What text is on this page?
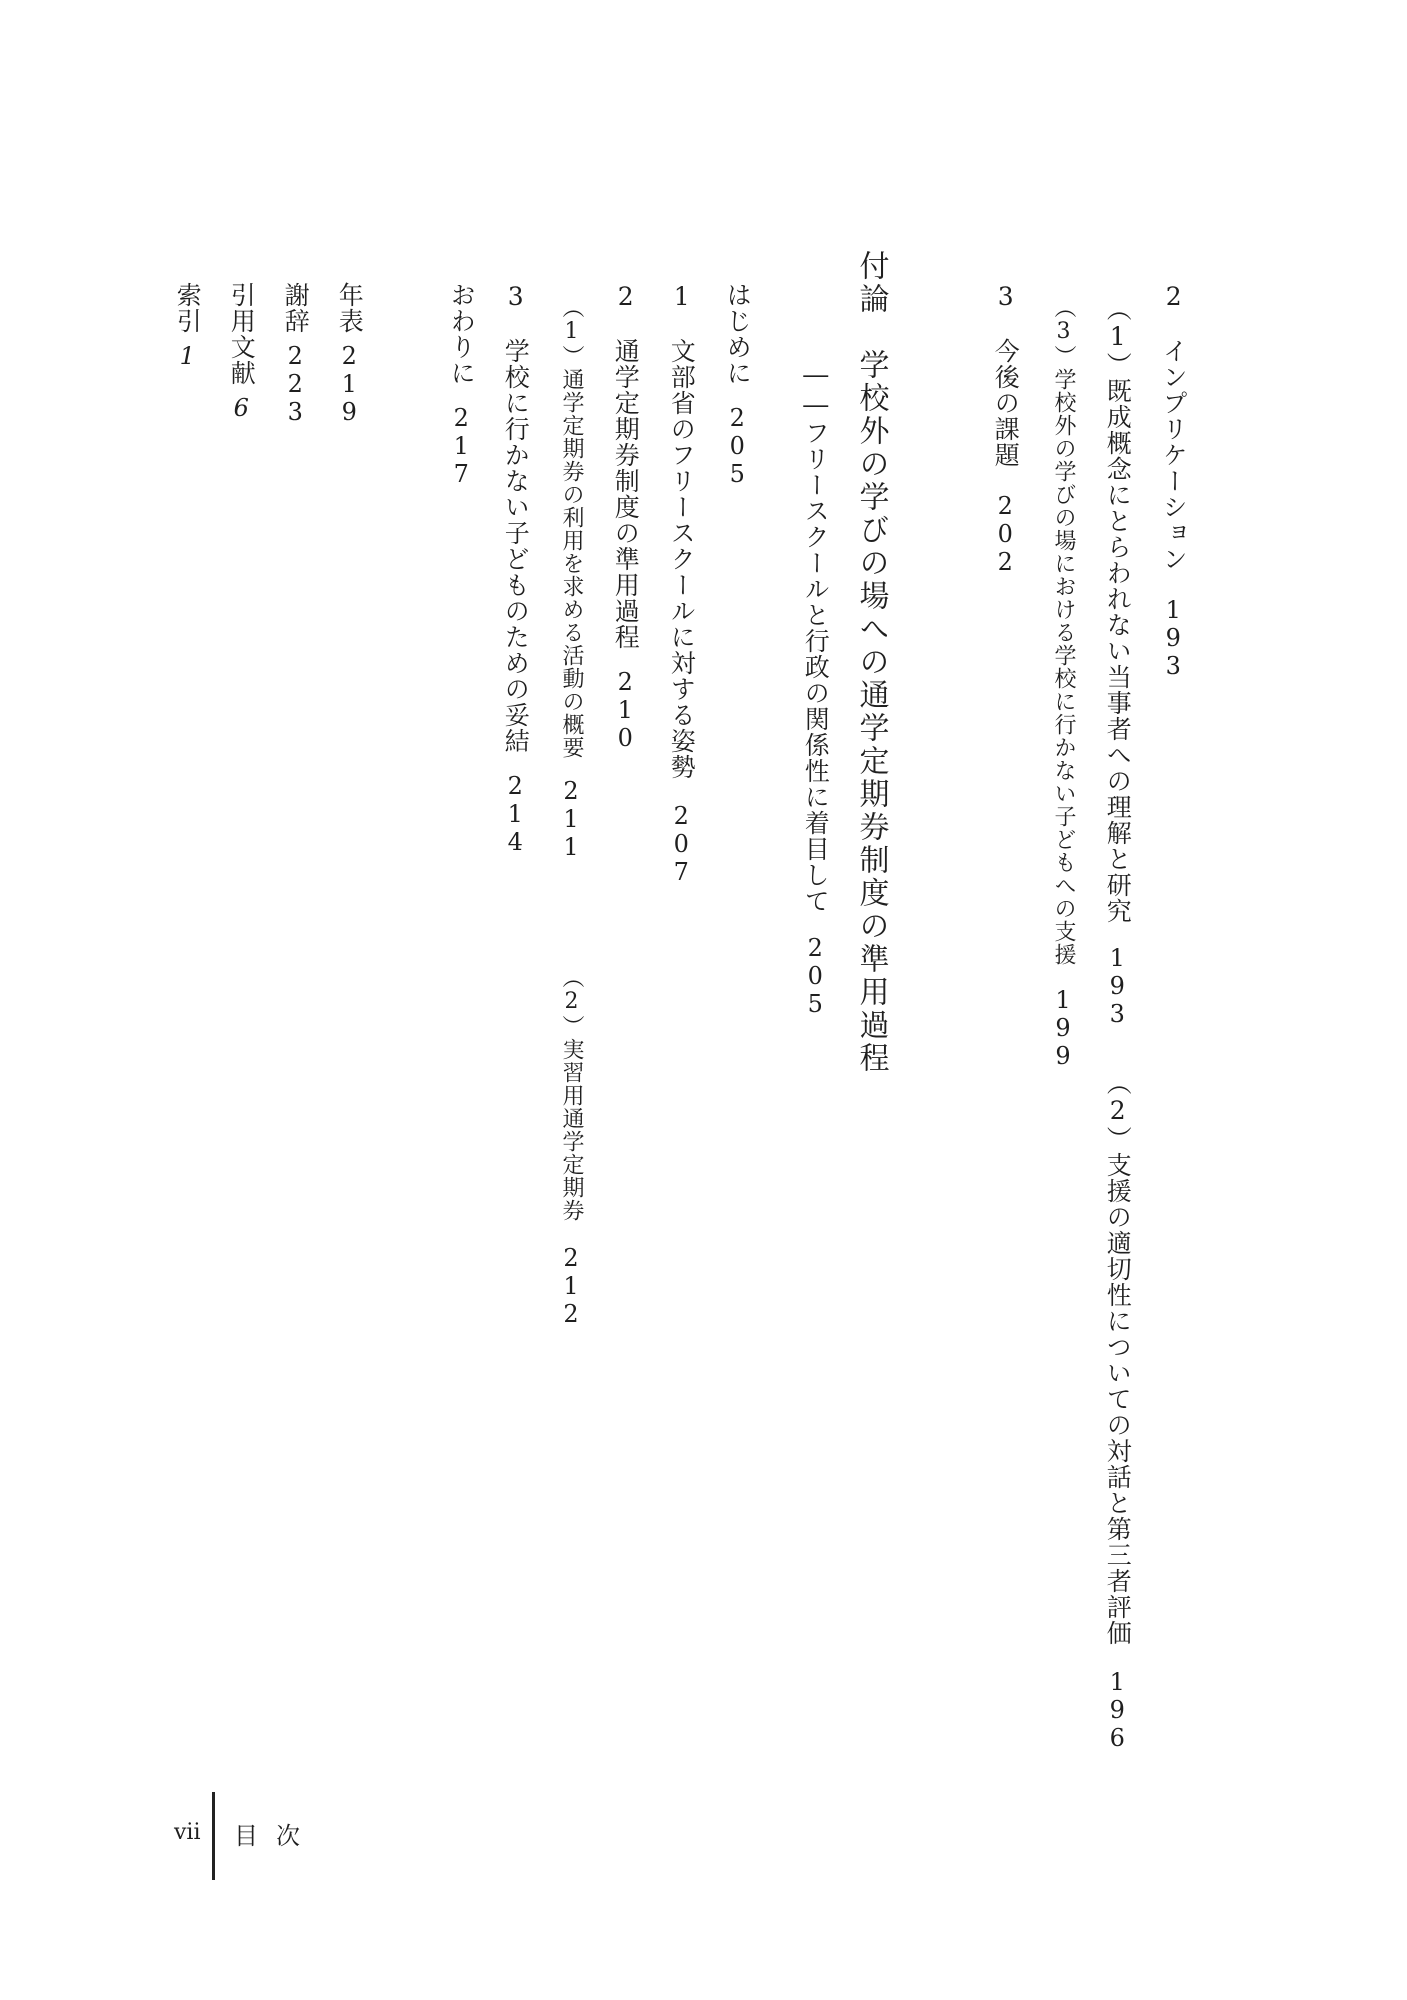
2　インプリケーション193
（1）既成概念にとらわれない当事者への理解と研究193
（2）支援の適切性についての対話と第三者評価196
（3）学校外の学びの場における学校に行かない子どもへの支援199
3　今後の課題202
付論　学校外の学びの場への通学定期券制度の準用過程
――フリースクールと行政の関係性に着目して205
はじめに205
1　文部省のフリースクールに対する姿勢207
2　通学定期券制度の準用過程210
（1）通学定期券の利用を求める活動の概要211
（2）実習用通学定期券212
3　学校に行かない子どものための妥結214
おわりに217
年表219
謝辞223
引用文献6
索引1
vii 目次
